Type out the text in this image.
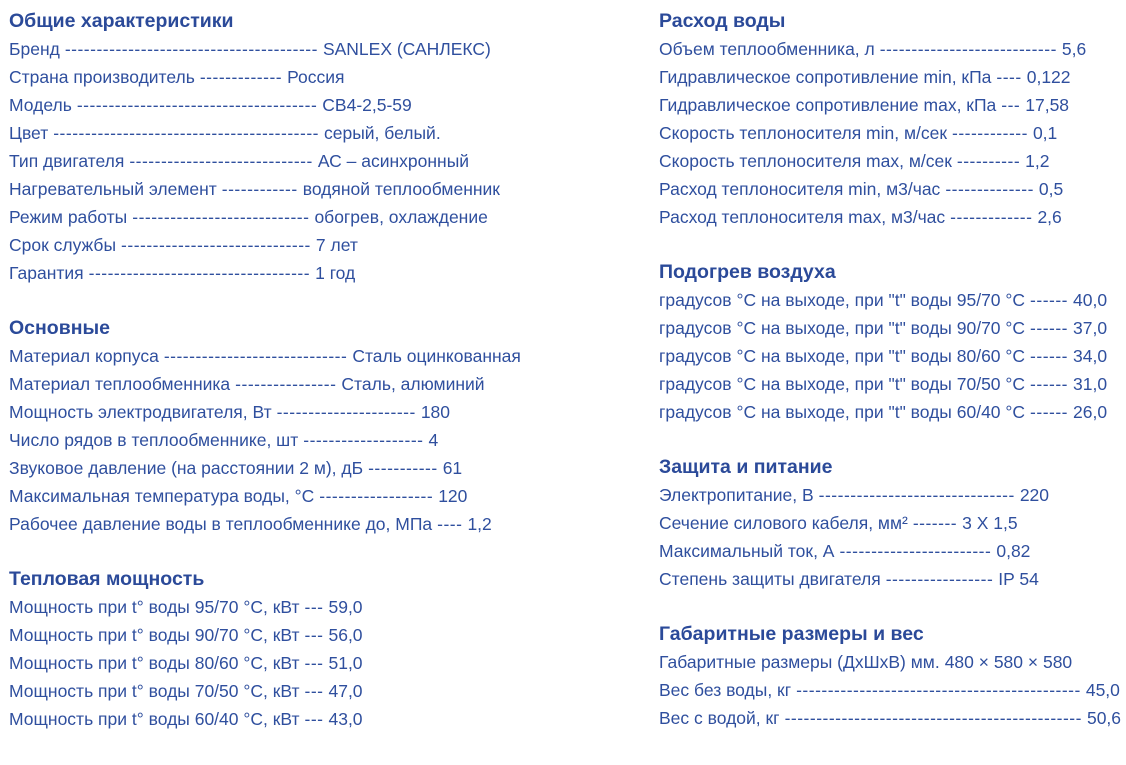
Общие характеристики
Бренд ---------------------------------------- SANLEX (САНЛЕКС)
Страна производитель ------------- Россия
Модель -------------------------------------- СВ4-2,5-59
Цвет ------------------------------------------ серый, белый.
Тип двигателя ----------------------------- АС – асинхронный
Нагревательный элемент ------------ водяной теплообменник
Режим работы ---------------------------- обогрев, охлаждение
Срок службы ------------------------------ 7 лет
Гарантия ----------------------------------- 1 год
Основные
Материал корпуса ----------------------------- Сталь оцинкованная
Материал теплообменника ---------------- Сталь, алюминий
Мощность электродвигателя, Вт ---------------------- 180
Число рядов в теплообменнике, шт ------------------- 4
Звуковое давление (на расстоянии 2 м), дБ ----------- 61
Максимальная температура воды, °С ------------------ 120
Рабочее давление воды в теплообменнике до, МПа ---- 1,2
Тепловая мощность
Мощность при t° воды 95/70 °С, кВт --- 59,0
Мощность при t° воды 90/70 °С, кВт --- 56,0
Мощность при t° воды 80/60 °С, кВт --- 51,0
Мощность при t° воды 70/50 °С, кВт --- 47,0
Мощность при t° воды 60/40 °С, кВт --- 43,0
Расход воды
Объем теплообменника, л ---------------------------- 5,6
Гидравлическое сопротивление min, кПа ---- 0,122
Гидравлическое сопротивление max, кПа --- 17,58
Скорость теплоносителя min, м/сек ------------ 0,1
Скорость теплоносителя max, м/сек ---------- 1,2
Расход теплоносителя min, м3/час -------------- 0,5
Расход теплоносителя max, м3/час ------------- 2,6
Подогрев воздуха
градусов °С на выходе, при "t" воды 95/70 °С ------ 40,0
градусов °С на выходе, при "t" воды 90/70 °С ------ 37,0
градусов °С на выходе, при "t" воды 80/60 °С ------ 34,0
градусов °С на выходе, при "t" воды 70/50 °С ------ 31,0
градусов °С на выходе, при "t" воды 60/40 °С ------ 26,0
Защита и питание
Электропитание, В ------------------------------- 220
Сечение силового кабеля, мм² ------- 3 X 1,5
Максимальный ток, А ------------------------ 0,82
Степень защиты двигателя ----------------- IP 54
Габаритные размеры и вес
Габаритные размеры (ДхШхВ) мм. 480 × 580 × 580
Вес без воды, кг --------------------------------------------- 45,0
Вес с водой, кг ----------------------------------------------- 50,6
